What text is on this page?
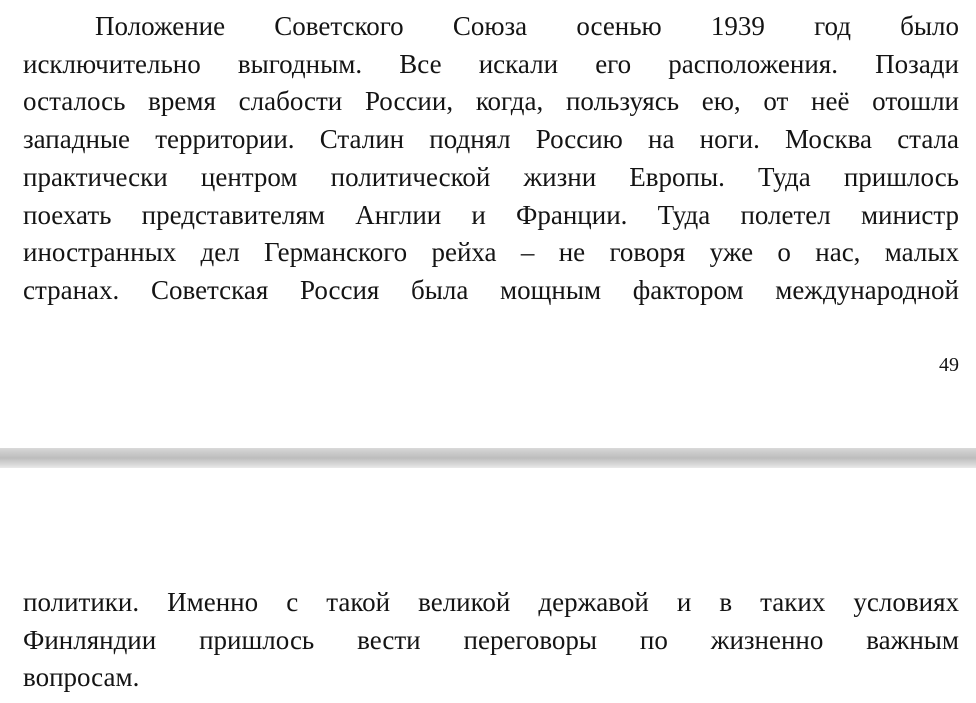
Положение Советского Союза осенью 1939 год было
исключительно выгодным. Все искали его расположения. Позади
осталось время слабости России, когда, пользуясь ею, от неё отошли
западные территории. Сталин поднял Россию на ноги. Москва стала
практически центром политической жизни Европы. Туда пришлось
поехать представителям Англии и Франции. Туда полетел министр
иностранных дел Германского рейха – не говоря уже о нас, малых
странах. Советская Россия была мощным фактором международной
49
политики. Именно с такой великой державой и в таких условиях
Финляндии пришлось вести переговоры по жизненно важным
вопросам.
